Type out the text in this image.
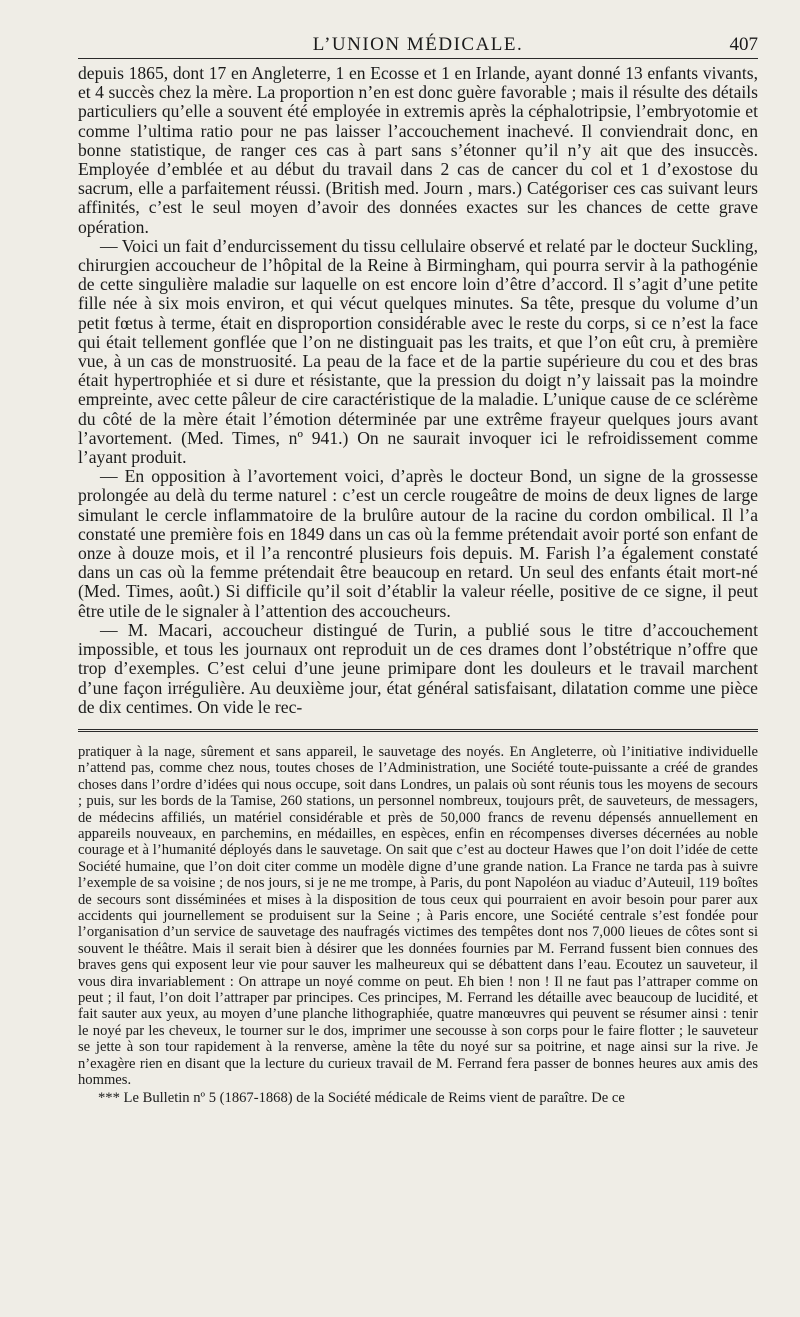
L’UNION MÉDICALE.	407

depuis 1865, dont 17 en Angleterre, 1 en Ecosse et 1 en Irlande, ayant donné 13 enfants vivants, et 4 succès chez la mère. La proportion n’en est donc guère favorable ; mais il résulte des détails particuliers qu’elle a souvent été employée in extremis après la céphalotripsie, l’embryotomie et comme l’ultima ratio pour ne pas laisser l’accouchement inachevé. Il conviendrait donc, en bonne statistique, de ranger ces cas à part sans s’étonner qu’il n’y ait que des insuccès. Employée d’emblée et au début du travail dans 2 cas de cancer du col et 1 d’exostose du sacrum, elle a parfaitement réussi. (British med. Journ , mars.) Catégoriser ces cas suivant leurs affinités, c’est le seul moyen d’avoir des données exactes sur les chances de cette grave opération.

— Voici un fait d’endurcissement du tissu cellulaire observé et relaté par le docteur Suckling, chirurgien accoucheur de l’hôpital de la Reine à Birmingham, qui pourra servir à la pathogénie de cette singulière maladie sur laquelle on est encore loin d’être d’accord. Il s’agit d’une petite fille née à six mois environ, et qui vécut quelques minutes. Sa tête, presque du volume d’un petit fœtus à terme, était en disproportion considérable avec le reste du corps, si ce n’est la face qui était tellement gonflée que l’on ne distinguait pas les traits, et que l’on eût cru, à première vue, à un cas de monstruosité. La peau de la face et de la partie supérieure du cou et des bras était hypertrophiée et si dure et résistante, que la pression du doigt n’y laissait pas la moindre empreinte, avec cette pâleur de cire caractéristique de la maladie. L’unique cause de ce sclérème du côté de la mère était l’émotion déterminée par une extrême frayeur quelques jours avant l’avortement. (Med. Times, nº 941.) On ne saurait invoquer ici le refroidissement comme l’ayant produit.

— En opposition à l’avortement voici, d’après le docteur Bond, un signe de la grossesse prolongée au delà du terme naturel : c’est un cercle rougeâtre de moins de deux lignes de large simulant le cercle inflammatoire de la brulûre autour de la racine du cordon ombilical. Il l’a constaté une première fois en 1849 dans un cas où la femme prétendait avoir porté son enfant de onze à douze mois, et il l’a rencontré plusieurs fois depuis. M. Farish l’a également constaté dans un cas où la femme prétendait être beaucoup en retard. Un seul des enfants était mort-né (Med. Times, août.) Si difficile qu’il soit d’établir la valeur réelle, positive de ce signe, il peut être utile de le signaler à l’attention des accoucheurs.

— M. Macari, accoucheur distingué de Turin, a publié sous le titre d’accouchement impossible, et tous les journaux ont reproduit un de ces drames dont l’obstétrique n’offre que trop d’exemples. C’est celui d’une jeune primipare dont les douleurs et le travail marchent d’une façon irrégulière. Au deuxième jour, état général satisfaisant, dilatation comme une pièce de dix centimes. On vide le rec-

pratiquer à la nage, sûrement et sans appareil, le sauvetage des noyés. En Angleterre, où l’initiative individuelle n’attend pas, comme chez nous, toutes choses de l’Administration, une Société toute-puissante a créé de grandes choses dans l’ordre d’idées qui nous occupe, soit dans Londres, un palais où sont réunis tous les moyens de secours ; puis, sur les bords de la Tamise, 260 stations, un personnel nombreux, toujours prêt, de sauveteurs, de messagers, de médecins affiliés, un matériel considérable et près de 50,000 francs de revenu dépensés annuellement en appareils nouveaux, en parchemins, en médailles, en espèces, enfin en récompenses diverses décernées au noble courage et à l’humanité déployés dans le sauvetage. On sait que c’est au docteur Hawes que l’on doit l’idée de cette Société humaine, que l’on doit citer comme un modèle digne d’une grande nation. La France ne tarda pas à suivre l’exemple de sa voisine ; de nos jours, si je ne me trompe, à Paris, du pont Napoléon au viaduc d’Auteuil, 119 boîtes de secours sont disséminées et mises à la disposition de tous ceux qui pourraient en avoir besoin pour parer aux accidents qui journellement se produisent sur la Seine ; à Paris encore, une Société centrale s’est fondée pour l’organisation d’un service de sauvetage des naufragés victimes des tempêtes dont nos 7,000 lieues de côtes sont si souvent le théâtre. Mais il serait bien à désirer que les données fournies par M. Ferrand fussent bien connues des braves gens qui exposent leur vie pour sauver les malheureux qui se débattent dans l’eau. Ecoutez un sauveteur, il vous dira invariablement : On attrape un noyé comme on peut. Eh bien ! non ! Il ne faut pas l’attraper comme on peut ; il faut, l’on doit l’attraper par principes. Ces principes, M. Ferrand les détaille avec beaucoup de lucidité, et fait sauter aux yeux, au moyen d’une planche lithographiée, quatre manœuvres qui peuvent se résumer ainsi : tenir le noyé par les cheveux, le tourner sur le dos, imprimer une secousse à son corps pour le faire flotter ; le sauveteur se jette à son tour rapidement à la renverse, amène la tête du noyé sur sa poitrine, et nage ainsi sur la rive. Je n’exagère rien en disant que la lecture du curieux travail de M. Ferrand fera passer de bonnes heures aux amis des hommes.

*** Le Bulletin nº 5 (1867-1868) de la Société médicale de Reims vient de paraître. De ce
